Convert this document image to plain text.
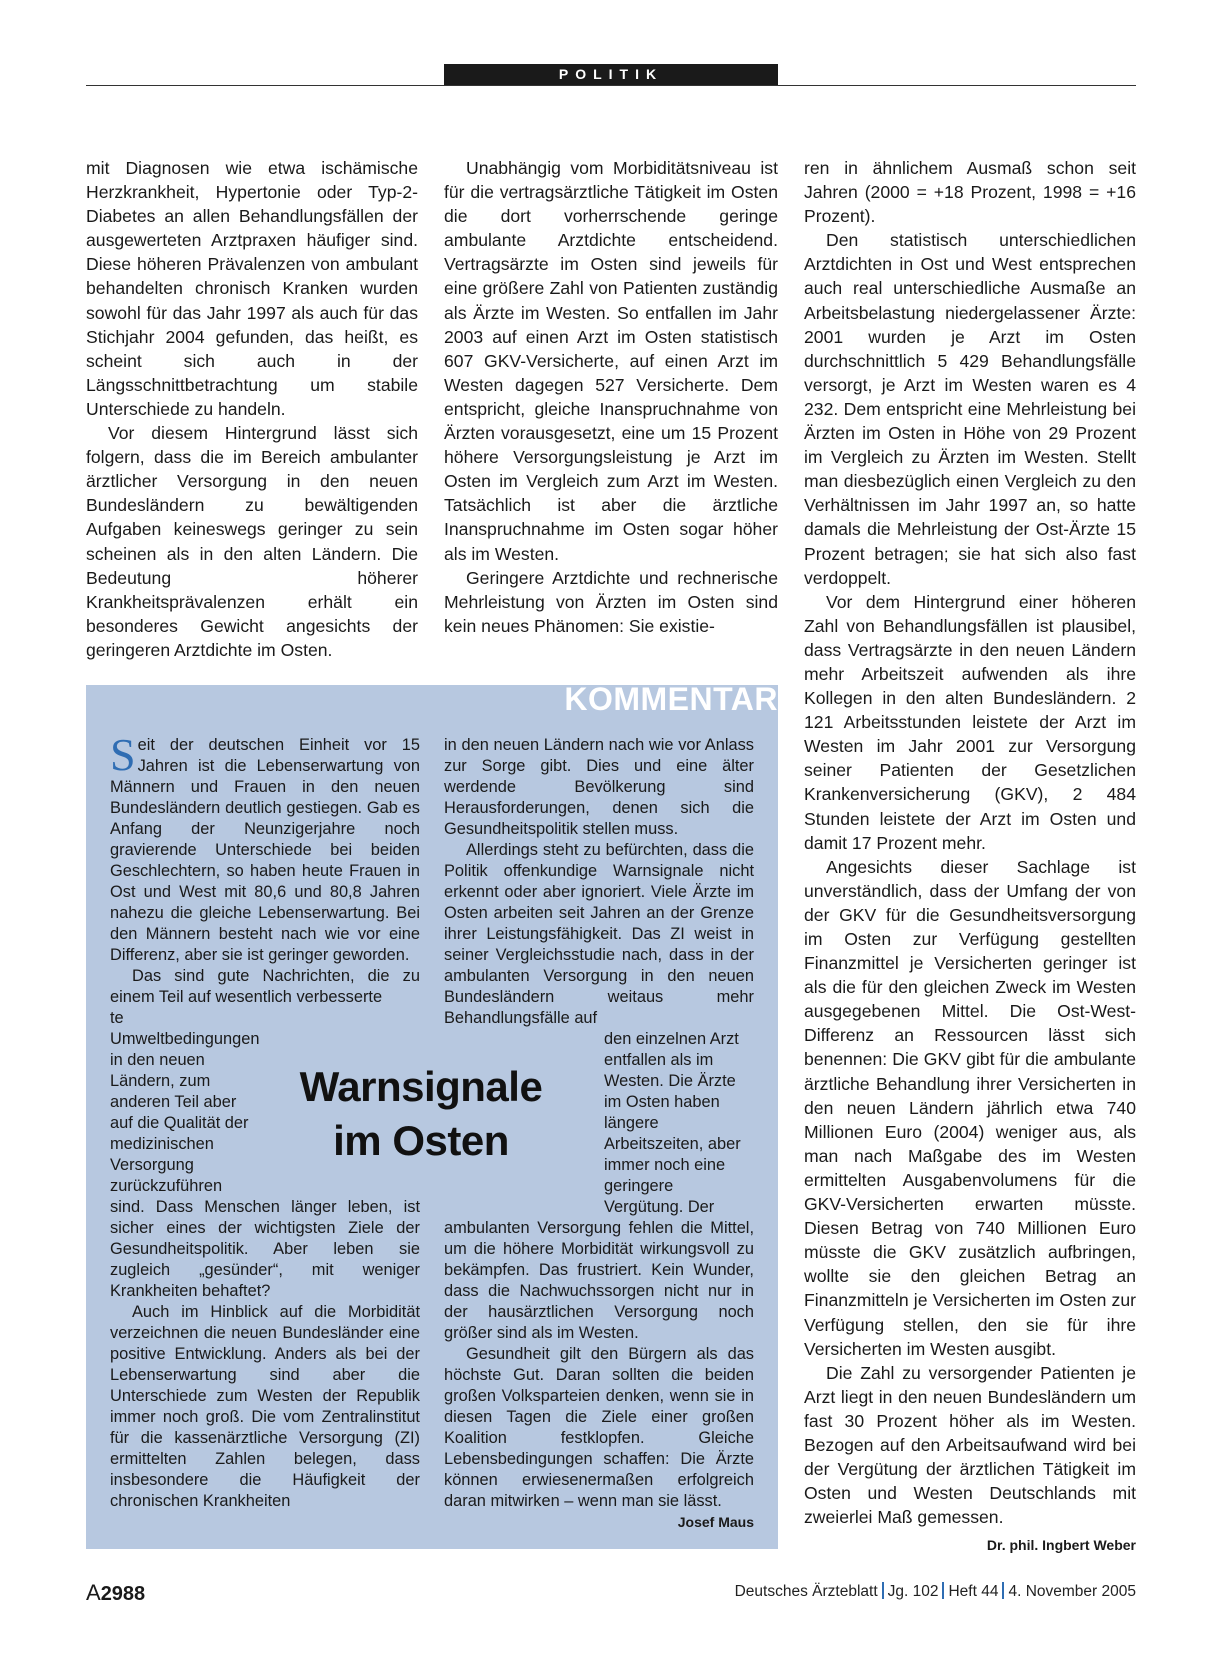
POLITIK

mit Diagnosen wie etwa ischämische Herzkrankheit, Hypertonie oder Typ-2-Diabetes an allen Behandlungsfällen der ausgewerteten Arztpraxen häufiger sind. Diese höheren Prävalenzen von ambulant behandelten chronisch Kranken wurden sowohl für das Jahr 1997 als auch für das Stichjahr 2004 gefunden, das heißt, es scheint sich auch in der Längsschnittbetrachtung um stabile Unterschiede zu handeln.

Vor diesem Hintergrund lässt sich folgern, dass die im Bereich ambulanter ärztlicher Versorgung in den neuen Bundesländern zu bewältigenden Aufgaben keineswegs geringer zu sein scheinen als in den alten Ländern. Die Bedeutung höherer Krankheitsprävalenzen erhält ein besonderes Gewicht angesichts der geringeren Arztdichte im Osten.

Unabhängig vom Morbiditätsniveau ist für die vertragsärztliche Tätigkeit im Osten die dort vorherrschende geringe ambulante Arztdichte entscheidend. Vertragsärzte im Osten sind jeweils für eine größere Zahl von Patienten zuständig als Ärzte im Westen. So entfallen im Jahr 2003 auf einen Arzt im Osten statistisch 607 GKV-Versicherte, auf einen Arzt im Westen dagegen 527 Versicherte. Dem entspricht, gleiche Inanspruchnahme von Ärzten vorausgesetzt, eine um 15 Prozent höhere Versorgungsleistung je Arzt im Osten im Vergleich zum Arzt im Westen. Tatsächlich ist aber die ärztliche Inanspruchnahme im Osten sogar höher als im Westen.

Geringere Arztdichte und rechnerische Mehrleistung von Ärzten im Osten sind kein neues Phänomen: Sie existie-

ren in ähnlichem Ausmaß schon seit Jahren (2000 = +18 Prozent, 1998 = +16 Prozent).

Den statistisch unterschiedlichen Arztdichten in Ost und West entsprechen auch real unterschiedliche Ausmaße an Arbeitsbelastung niedergelassener Ärzte: 2001 wurden je Arzt im Osten durchschnittlich 5 429 Behandlungsfälle versorgt, je Arzt im Westen waren es 4 232. Dem entspricht eine Mehrleistung bei Ärzten im Osten in Höhe von 29 Prozent im Vergleich zu Ärzten im Westen. Stellt man diesbezüglich einen Vergleich zu den Verhältnissen im Jahr 1997 an, so hatte damals die Mehrleistung der Ost-Ärzte 15 Prozent betragen; sie hat sich also fast verdoppelt.

Vor dem Hintergrund einer höheren Zahl von Behandlungsfällen ist plausibel, dass Vertragsärzte in den neuen Ländern mehr Arbeitszeit aufwenden als ihre Kollegen in den alten Bundesländern. 2 121 Arbeitsstunden leistete der Arzt im Westen im Jahr 2001 zur Versorgung seiner Patienten der Gesetzlichen Krankenversicherung (GKV), 2 484 Stunden leistete der Arzt im Osten und damit 17 Prozent mehr.

Angesichts dieser Sachlage ist unverständlich, dass der Umfang der von der GKV für die Gesundheitsversorgung im Osten zur Verfügung gestellten Finanzmittel je Versicherten geringer ist als die für den gleichen Zweck im Westen ausgegebenen Mittel. Die Ost-West-Differenz an Ressourcen lässt sich benennen: Die GKV gibt für die ambulante ärztliche Behandlung ihrer Versicherten in den neuen Ländern jährlich etwa 740 Millionen Euro (2004) weniger aus, als man nach Maßgabe des im Westen ermittelten Ausgabenvolumens für die GKV-Versicherten erwarten müsste. Diesen Betrag von 740 Millionen Euro müsste die GKV zusätzlich aufbringen, wollte sie den gleichen Betrag an Finanzmitteln je Versicherten im Osten zur Verfügung stellen, den sie für ihre Versicherten im Westen ausgibt.

Die Zahl zu versorgender Patienten je Arzt liegt in den neuen Bundesländern um fast 30 Prozent höher als im Westen. Bezogen auf den Arbeitsaufwand wird bei der Vergütung der ärztlichen Tätigkeit im Osten und Westen Deutschlands mit zweierlei Maß gemessen.
Dr. phil. Ingbert Weber

KOMMENTAR
Warnsignale
im Osten

Seit der deutschen Einheit vor 15 Jahren ist die Lebenserwartung von Männern und Frauen in den neuen Bundesländern deutlich gestiegen. Gab es Anfang der Neunzigerjahre noch gravierende Unterschiede bei beiden Geschlechtern, so haben heute Frauen in Ost und West mit 80,6 und 80,8 Jahren nahezu die gleiche Lebenserwartung. Bei den Männern besteht nach wie vor eine Differenz, aber sie ist geringer geworden.

Das sind gute Nachrichten, die zu einem Teil auf wesentlich verbesserte

te Umweltbedingungen in den neuen Ländern, zum anderen Teil aber auf die Qualität der medizinischen Versorgung zurückzuführen

sind. Dass Menschen länger leben, ist sicher eines der wichtigsten Ziele der Gesundheitspolitik. Aber leben sie zugleich „gesünder“, mit weniger Krankheiten behaftet?

Auch im Hinblick auf die Morbidität verzeichnen die neuen Bundesländer eine positive Entwicklung. Anders als bei der Lebenserwartung sind aber die Unterschiede zum Westen der Republik immer noch groß. Die vom Zentralinstitut für die kassenärztliche Versorgung (ZI) ermittelten Zahlen belegen, dass insbesondere die Häufigkeit der chronischen Krankheiten

in den neuen Ländern nach wie vor Anlass zur Sorge gibt. Dies und eine älter werdende Bevölkerung sind Herausforderungen, denen sich die Gesundheitspolitik stellen muss.

Allerdings steht zu befürchten, dass die Politik offenkundige Warnsignale nicht erkennt oder aber ignoriert. Viele Ärzte im Osten arbeiten seit Jahren an der Grenze ihrer Leistungsfähigkeit. Das ZI weist in seiner Vergleichsstudie nach, dass in der ambulanten Versorgung in den neuen Bundesländern weitaus mehr Behandlungsfälle auf

den einzelnen Arzt entfallen als im Westen. Die Ärzte im Osten haben längere Arbeitszeiten, aber immer noch eine geringere Vergütung. Der

ambulanten Versorgung fehlen die Mittel, um die höhere Morbidität wirkungsvoll zu bekämpfen. Das frustriert. Kein Wunder, dass die Nachwuchssorgen nicht nur in der hausärztlichen Versorgung noch größer sind als im Westen.

Gesundheit gilt den Bürgern als das höchste Gut. Daran sollten die beiden großen Volksparteien denken, wenn sie in diesen Tagen die Ziele einer großen Koalition festklopfen. Gleiche Lebensbedingungen schaffen: Die Ärzte können erwiesenermaßen erfolgreich daran mitwirken – wenn man sie lässt.

Josef Maus
A2988	Deutsches Ärzteblatt Jg. 102 Heft 44 4. November 2005
